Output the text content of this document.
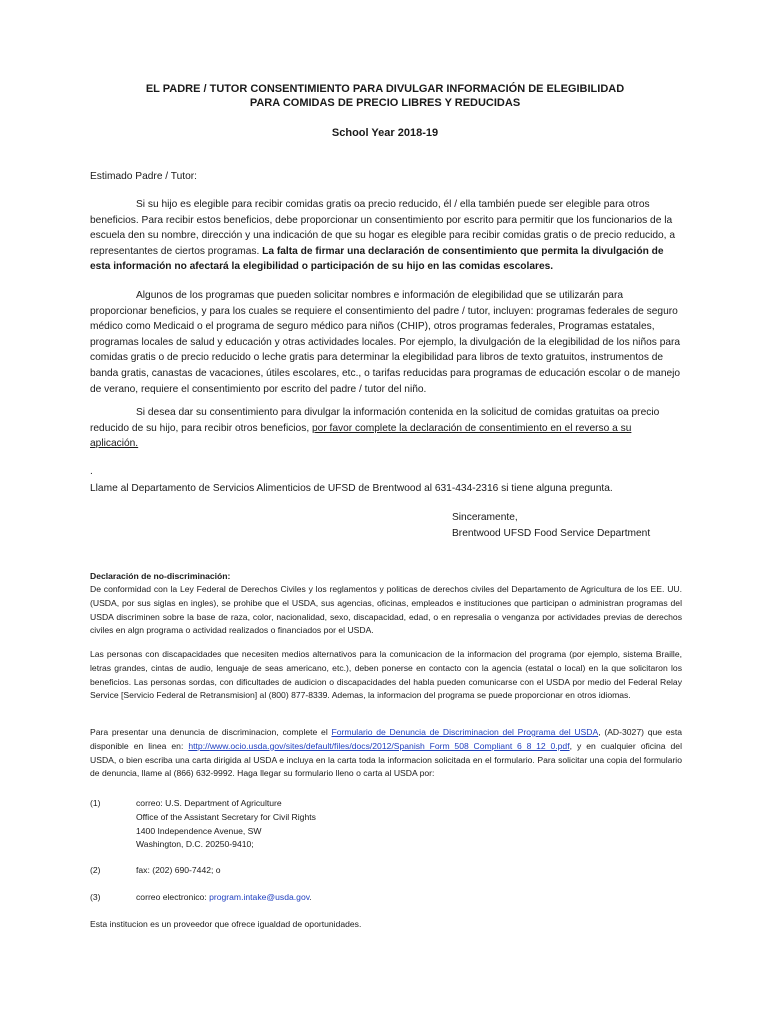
EL PADRE / TUTOR CONSENTIMIENTO PARA DIVULGAR INFORMACIÓN DE ELEGIBILIDAD
PARA COMIDAS DE PRECIO LIBRES Y REDUCIDAS
School Year 2018-19
Estimado Padre / Tutor:
Si su hijo es elegible para recibir comidas gratis oa precio reducido, él / ella también puede ser elegible para otros beneficios. Para recibir estos beneficios, debe proporcionar un consentimiento por escrito para permitir que los funcionarios de la escuela den su nombre, dirección y una indicación de que su hogar es elegible para recibir comidas gratis o de precio reducido, a representantes de ciertos programas. La falta de firmar una declaración de consentimiento que permita la divulgación de esta información no afectará la elegibilidad o participación de su hijo en las comidas escolares.
Algunos de los programas que pueden solicitar nombres e información de elegibilidad que se utilizarán para proporcionar beneficios, y para los cuales se requiere el consentimiento del padre / tutor, incluyen: programas federales de seguro médico como Medicaid o el programa de seguro médico para niños (CHIP), otros programas federales, Programas estatales, programas locales de salud y educación y otras actividades locales. Por ejemplo, la divulgación de la elegibilidad de los niños para comidas gratis o de precio reducido o leche gratis para determinar la elegibilidad para libros de texto gratuitos, instrumentos de banda gratis, canastas de vacaciones, útiles escolares, etc., o tarifas reducidas para programas de educación escolar o de manejo de verano, requiere el consentimiento por escrito del padre / tutor del niño.
Si desea dar su consentimiento para divulgar la información contenida en la solicitud de comidas gratuitas oa precio reducido de su hijo, para recibir otros beneficios, por favor complete la declaración de consentimiento en el reverso a su aplicación.
.
Llame al Departamento de Servicios Alimenticios de UFSD de Brentwood al 631-434-2316 si tiene alguna pregunta.
Sinceramente,
Brentwood UFSD Food Service Department
Declaración de no-discriminación:
De conformidad con la Ley Federal de Derechos Civiles y los reglamentos y politicas de derechos civiles del Departamento de Agricultura de los EE. UU. (USDA, por sus siglas en ingles), se prohibe que el USDA, sus agencias, oficinas, empleados e instituciones que participan o administran programas del USDA discriminen sobre la base de raza, color, nacionalidad, sexo, discapacidad, edad, o en represalia o venganza por actividades previas de derechos civiles en algn programa o actividad realizados o financiados por el USDA.
Las personas con discapacidades que necesiten medios alternativos para la comunicacion de la informacion del programa (por ejemplo, sistema Braille, letras grandes, cintas de audio, lenguaje de seas americano, etc.), deben ponerse en contacto con la agencia (estatal o local) en la que solicitaron los beneficios. Las personas sordas, con dificultades de audicion o discapacidades del habla pueden comunicarse con el USDA por medio del Federal Relay Service [Servicio Federal de Retransmision] al (800) 877-8339. Ademas, la informacion del programa se puede proporcionar en otros idiomas.
Para presentar una denuncia de discriminacion, complete el Formulario de Denuncia de Discriminacion del Programa del USDA, (AD-3027) que esta disponible en linea en: http://www.ocio.usda.gov/sites/default/files/docs/2012/Spanish_Form_508_Compliant_6_8_12_0.pdf, y en cualquier oficina del USDA, o bien escriba una carta dirigida al USDA e incluya en la carta toda la informacion solicitada en el formulario. Para solicitar una copia del formulario de denuncia, llame al (866) 632-9992. Haga llegar su formulario lleno o carta al USDA por:
(1)	correo: U.S. Department of Agriculture
Office of the Assistant Secretary for Civil Rights
1400 Independence Avenue, SW
Washington, D.C. 20250-9410;
(2)	fax: (202) 690-7442; o
(3)	correo electronico: program.intake@usda.gov.
Esta institucion es un proveedor que ofrece igualdad de oportunidades.
